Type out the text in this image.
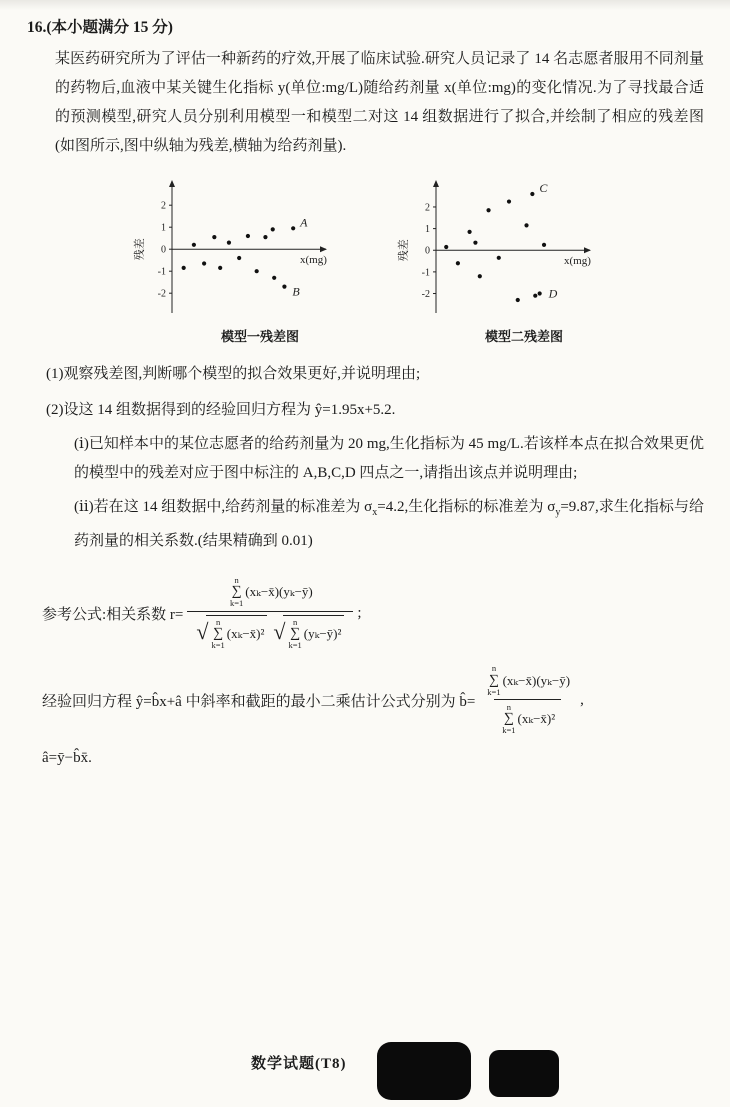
16.(本小题满分 15 分)

某医药研究所为了评估一种新药的疗效,开展了临床试验.研究人员记录了 14 名志愿者服用不同剂量的药物后,血液中某关键生化指标 y(单位:mg/L)随给药剂量 x(单位:mg)的变化情况.为了寻找最合适的预测模型,研究人员分别利用模型一和模型二对这 14 组数据进行了拟合,并绘制了相应的残差图(如图所示,图中纵轴为残差,横轴为给药剂量).

2
1
0
-1
-2
残差	x(mg)
A
B
模型一残差图
2
1
0
-1
-2
残差	x(mg)
C
D
模型二残差图

(1)观察残差图,判断哪个模型的拟合效果更好,并说明理由;

(2)设这 14 组数据得到的经验回归方程为 ŷ=1.95x+5.2.

(ⅰ)已知样本中的某位志愿者的给药剂量为 20 mg,生化指标为 45 mg/L.若该样本点在拟合效果更优的模型中的残差对应于图中标注的 A,B,C,D 四点之一,请指出该点并说明理由;

(ⅱ)若在这 14 组数据中,给药剂量的标准差为 $\sigma_x=4.2$,生化指标的标准差为 $\sigma_y=9.87$,求生化指标与给药剂量的相关系数.(结果精确到 0.01)

参考公式:相关系数 r=
n
∑
k=1
(xₖ−x̄)(yₖ−ȳ)
√ n
∑
k=1
(xₖ−x̄)² √ n
∑
k=1
(yₖ−ȳ)²
;
经验回归方程 ŷ=b̂x+â 中斜率和截距的最小二乘估计公式分别为 b̂= n
∑
k=1
(xₖ−x̄)(yₖ−ȳ)
n
∑
k=1
(xₖ−x̄)² ,
â=ȳ−b̂x̄.
数学试题(T8)
